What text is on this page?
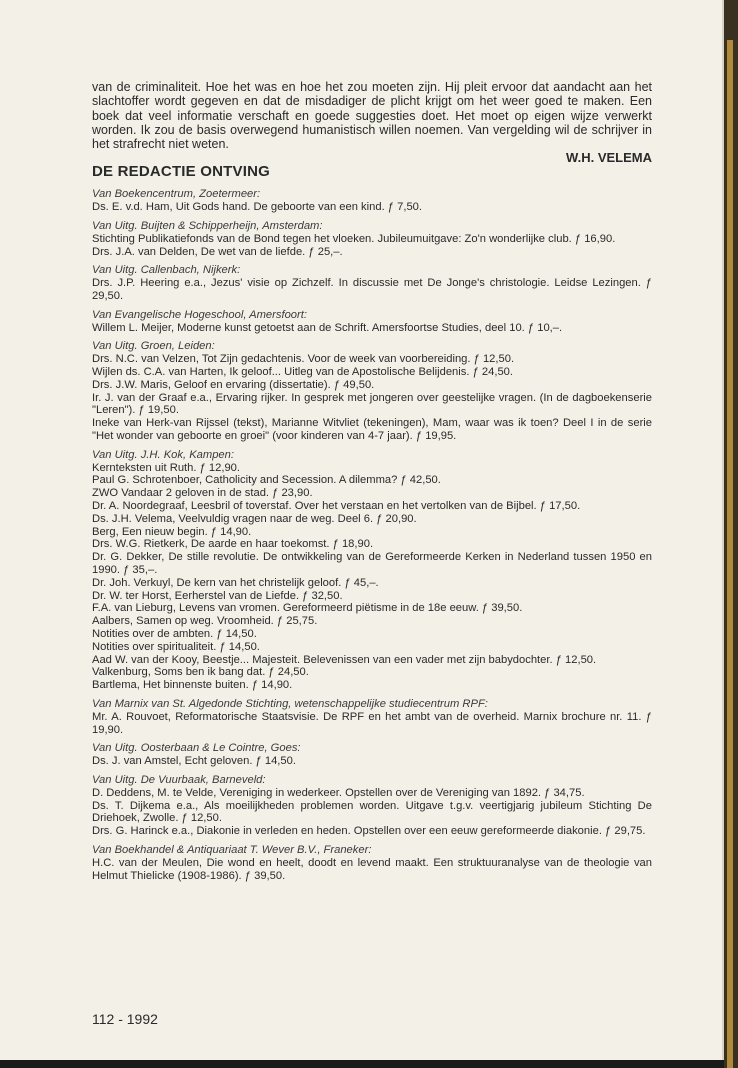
van de criminaliteit. Hoe het was en hoe het zou moeten zijn. Hij pleit ervoor dat aandacht aan het slachtoffer wordt gegeven en dat de misdadiger de plicht krijgt om het weer goed te maken. Een boek dat veel informatie verschaft en goede suggesties doet. Het moet op eigen wijze verwerkt worden. Ik zou de basis overwegend humanistisch willen noemen. Van vergelding wil de schrijver in het strafrecht niet weten.

W.H. VELEMA

DE REDACTIE ONTVING

Van Boekencentrum, Zoetermeer:

Ds. E. v.d. Ham, Uit Gods hand. De geboorte van een kind. ƒ 7,50.

Van Uitg. Buijten & Schipperheijn, Amsterdam:

Stichting Publikatiefonds van de Bond tegen het vloeken. Jubileumuitgave: Zo'n wonderlijke club. ƒ 16,90.

Drs. J.A. van Delden, De wet van de liefde. ƒ 25,–.

Van Uitg. Callenbach, Nijkerk:

Drs. J.P. Heering e.a., Jezus' visie op Zichzelf. In discussie met De Jonge's christologie. Leidse Lezingen. ƒ 29,50.

Van Evangelische Hogeschool, Amersfoort:

Willem L. Meijer, Moderne kunst getoetst aan de Schrift. Amersfoortse Studies, deel 10. ƒ 10,–.

Van Uitg. Groen, Leiden:

Drs. N.C. van Velzen, Tot Zijn gedachtenis. Voor de week van voorbereiding. ƒ 12,50.

Wijlen ds. C.A. van Harten, Ik geloof... Uitleg van de Apostolische Belijdenis. ƒ 24,50.

Drs. J.W. Maris, Geloof en ervaring (dissertatie). ƒ 49,50.

Ir. J. van der Graaf e.a., Ervaring rijker. In gesprek met jongeren over geestelijke vragen. (In de dagboekenserie "Leren"). ƒ 19,50.

Ineke van Herk-van Rijssel (tekst), Marianne Witvliet (tekeningen), Mam, waar was ik toen? Deel I in de serie "Het wonder van geboorte en groei" (voor kinderen van 4-7 jaar). ƒ 19,95.

Van Uitg. J.H. Kok, Kampen:

Kernteksten uit Ruth. ƒ 12,90.

Paul G. Schrotenboer, Catholicity and Secession. A dilemma? ƒ 42,50.

ZWO Vandaar 2 geloven in de stad. ƒ 23,90.

Dr. A. Noordegraaf, Leesbril of toverstaf. Over het verstaan en het vertolken van de Bijbel. ƒ 17,50.

Ds. J.H. Velema, Veelvuldig vragen naar de weg. Deel 6. ƒ 20,90.

Berg, Een nieuw begin. ƒ 14,90.

Drs. W.G. Rietkerk, De aarde en haar toekomst. ƒ 18,90.

Dr. G. Dekker, De stille revolutie. De ontwikkeling van de Gereformeerde Kerken in Nederland tussen 1950 en 1990. ƒ 35,–.

Dr. Joh. Verkuyl, De kern van het christelijk geloof. ƒ 45,–.

Dr. W. ter Horst, Eerherstel van de Liefde. ƒ 32,50.

F.A. van Lieburg, Levens van vromen. Gereformeerd piëtisme in de 18e eeuw. ƒ 39,50.

Aalbers, Samen op weg. Vroomheid. ƒ 25,75.

Notities over de ambten. ƒ 14,50.

Notities over spiritualiteit. ƒ 14,50.

Aad W. van der Kooy, Beestje... Majesteit. Belevenissen van een vader met zijn babydochter. ƒ 12,50.

Valkenburg, Soms ben ik bang dat. ƒ 24,50.

Bartlema, Het binnenste buiten. ƒ 14,90.

Van Marnix van St. Algedonde Stichting, wetenschappelijke studiecentrum RPF:

Mr. A. Rouvoet, Reformatorische Staatsvisie. De RPF en het ambt van de overheid. Marnix brochure nr. 11. ƒ 19,90.

Van Uitg. Oosterbaan & Le Cointre, Goes:

Ds. J. van Amstel, Echt geloven. ƒ 14,50.

Van Uitg. De Vuurbaak, Barneveld:

D. Deddens, M. te Velde, Vereniging in wederkeer. Opstellen over de Vereniging van 1892. ƒ 34,75.

Ds. T. Dijkema e.a., Als moeilijkheden problemen worden. Uitgave t.g.v. veertigjarig jubileum Stichting De Driehoek, Zwolle. ƒ 12,50.

Drs. G. Harinck e.a., Diakonie in verleden en heden. Opstellen over een eeuw gereformeerde diakonie. ƒ 29,75.

Van Boekhandel & Antiquariaat T. Wever B.V., Franeker:

H.C. van der Meulen, Die wond en heelt, doodt en levend maakt. Een struktuuranalyse van de theologie van Helmut Thielicke (1908-1986). ƒ 39,50.

112 - 1992
